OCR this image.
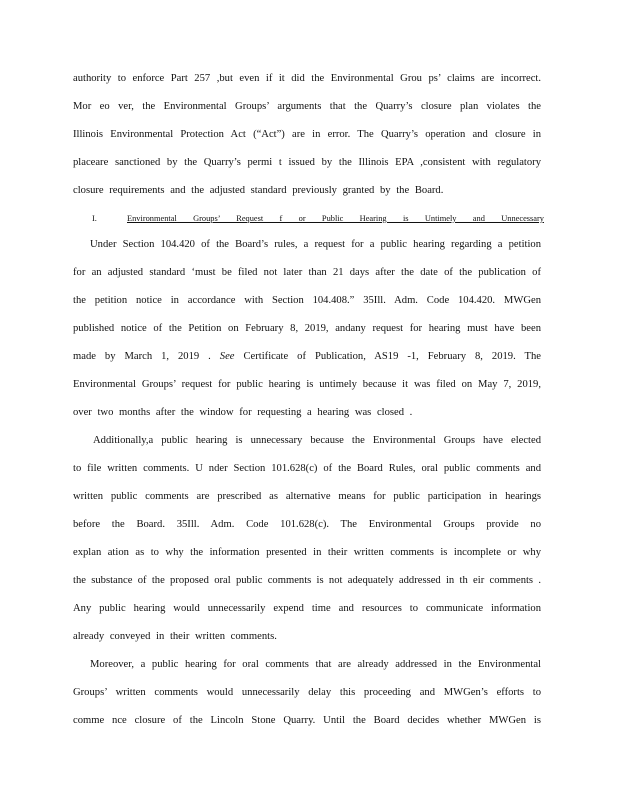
authority to enforce Part 257 ,but even if it did the Environmental Grou ps’ claims are incorrect.
Mor eo ver, the Environmental Groups’ arguments that the Quarry’s closure plan violates the
Illinois Environmental Protection Act (“Act”) are in error. The Quarry’s operation and closure in
placeare sanctioned by the Quarry’s permi t issued by the Illinois EPA ,consistent with regulatory
closure requirements and the adjusted standard previously granted by the Board.
I.	Environmental Groups’ Request f or Public Hearing is Untimely and Unnecessary
Under Section 104.420 of the Board’s rules, a request for a public hearing regarding a petition
for an adjusted standard ‘must be filed not later than 21 days after the date of the publication of
the petition notice in accordance with Section 104.408.” 35Ill. Adm. Code 104.420. MWGen
published notice of the Petition on February 8, 2019, andany request for hearing must have been
made by March 1, 2019 . See Certificate of Publication, AS19 -1, February 8, 2019. The
Environmental Groups’ request for public hearing is untimely because it was filed on May 7, 2019,
over two months after the window for requesting a hearing was closed .
Additionally,a public hearing is unnecessary because the Environmental Groups have elected
to file written comments. U nder Section 101.628(c) of the Board Rules, oral public comments and
written public comments are prescribed as alternative means for public participation in hearings
before the Board. 35Ill. Adm. Code 101.628(c). The Environmental Groups provide no
explan ation as to why the information presented in their written comments is incomplete or why
the substance of the proposed oral public comments is not adequately addressed in th eir comments .
Any public hearing would unnecessarily expend time and resources to communicate information
already conveyed in their written comments.
Moreover, a public hearing for oral comments that are already addressed in the Environmental
Groups’ written comments would unnecessarily delay this proceeding and MWGen’s efforts to
comme nce closure of the Lincoln Stone Quarry. Until the Board decides whether MWGen is
